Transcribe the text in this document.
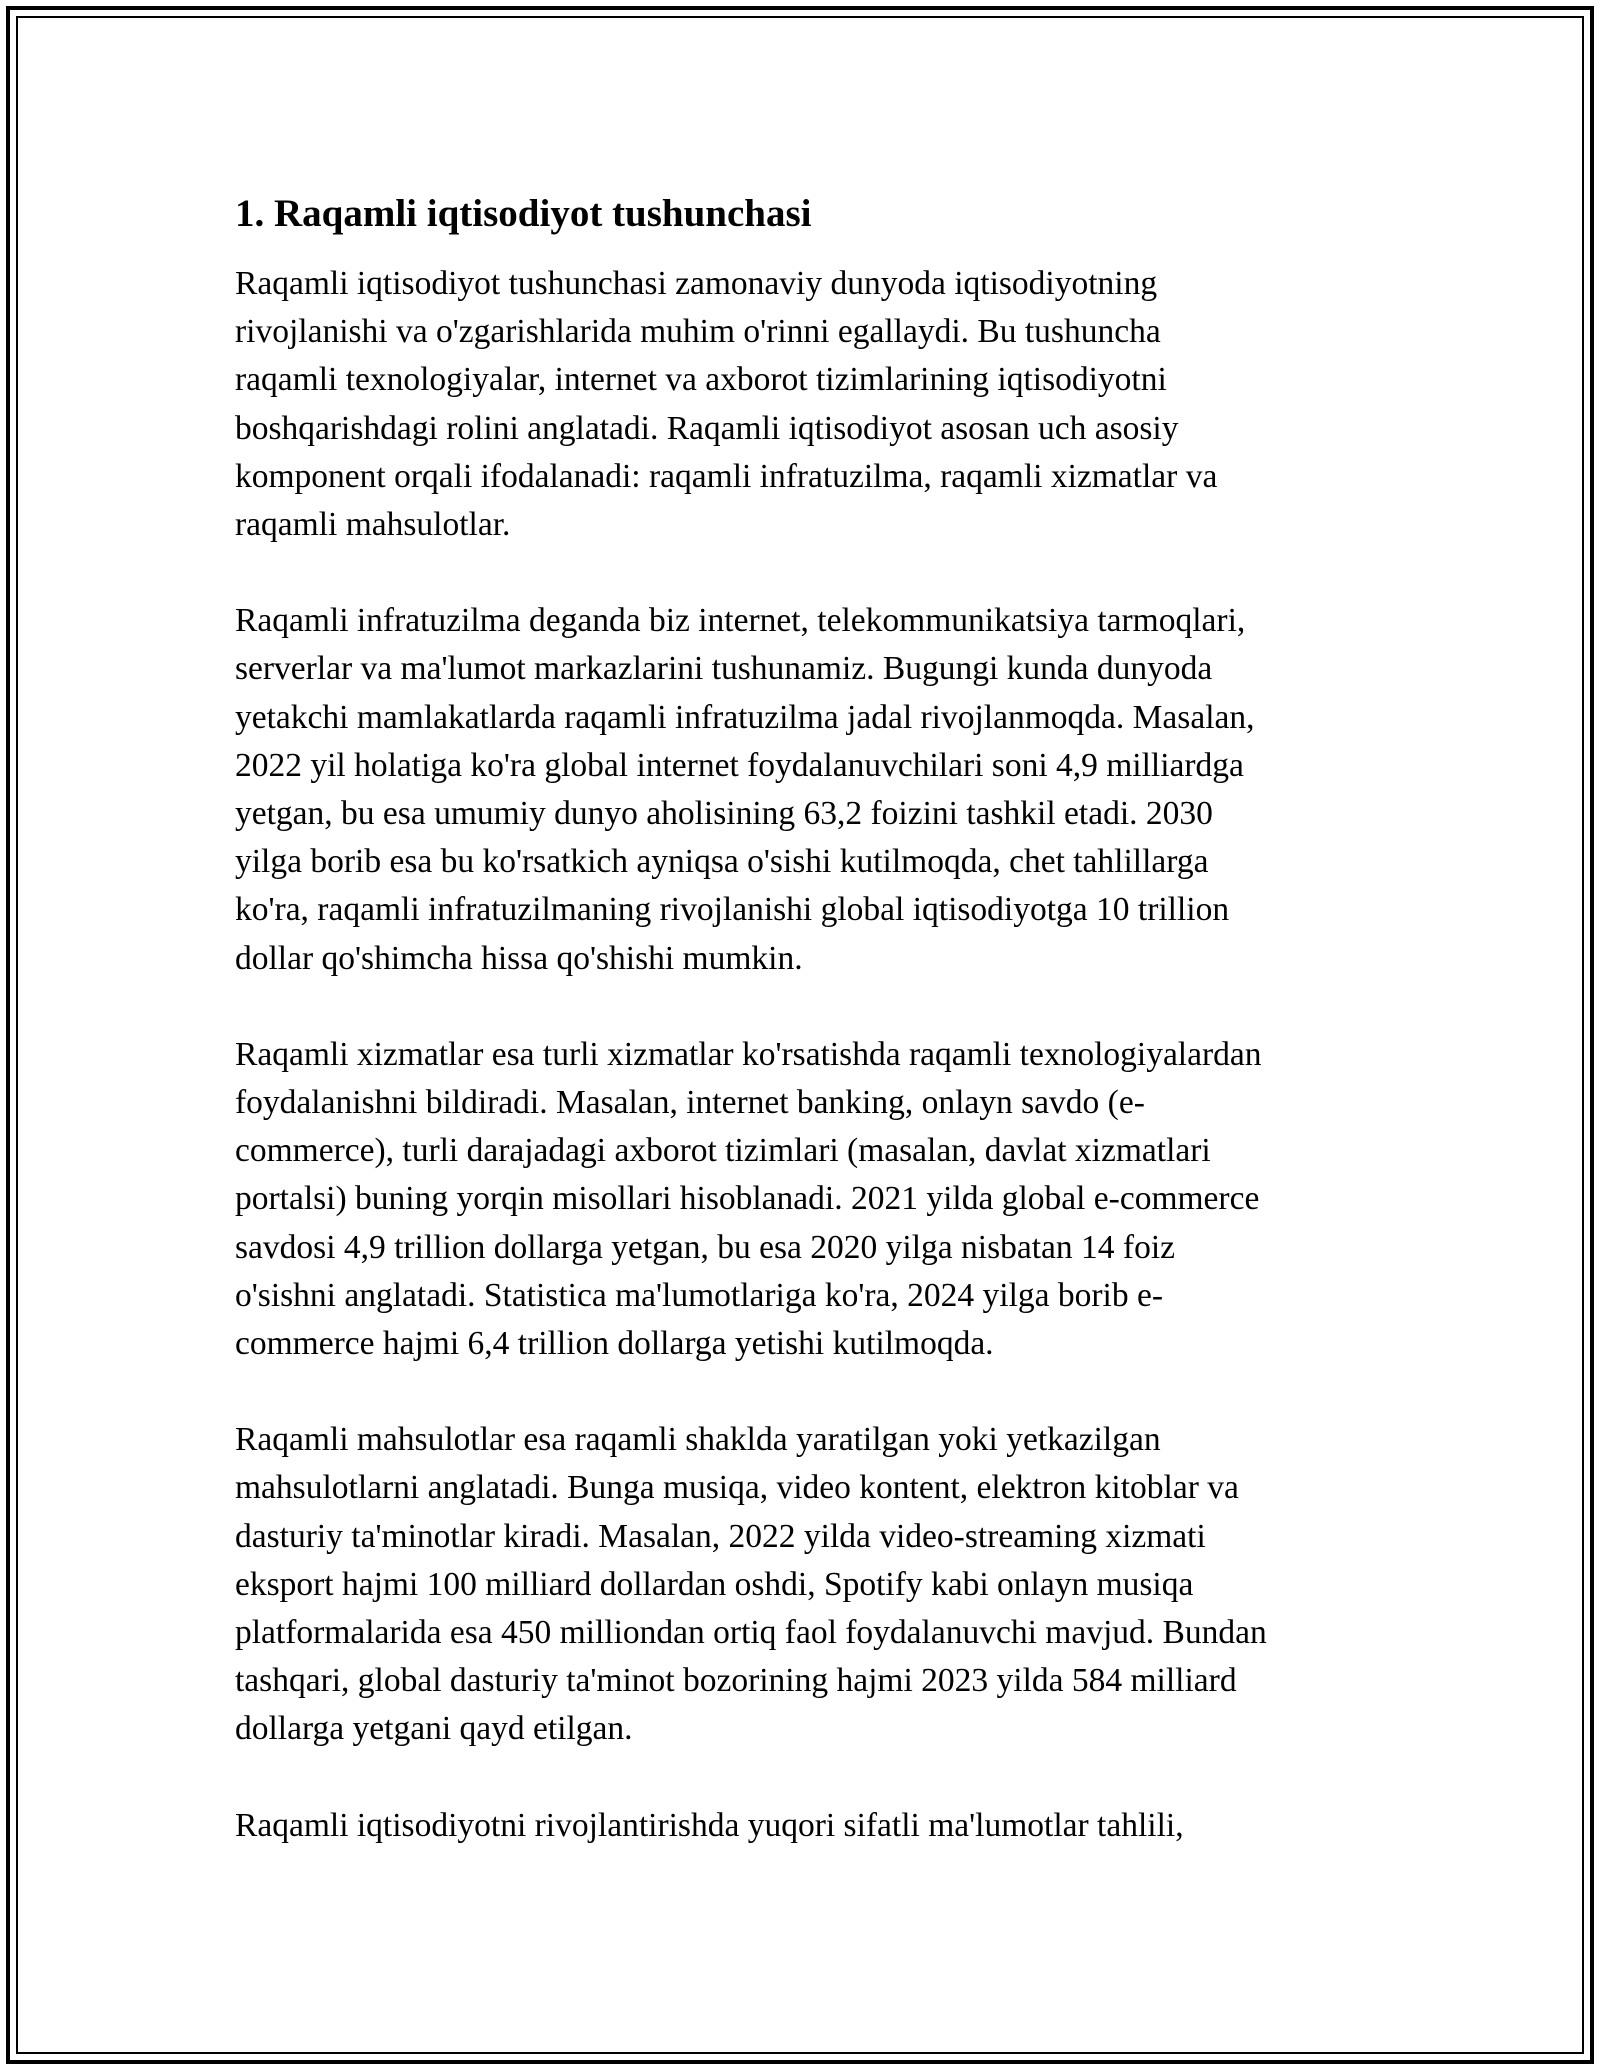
1. Raqamli iqtisodiyot tushunchasi

Raqamli iqtisodiyot tushunchasi zamonaviy dunyoda iqtisodiyotning
rivojlanishi va o'zgarishlarida muhim o'rinni egallaydi. Bu tushuncha
raqamli texnologiyalar, internet va axborot tizimlarining iqtisodiyotni
boshqarishdagi rolini anglatadi. Raqamli iqtisodiyot asosan uch asosiy
komponent orqali ifodalanadi: raqamli infratuzilma, raqamli xizmatlar va
raqamli mahsulotlar.

Raqamli infratuzilma deganda biz internet, telekommunikatsiya tarmoqlari,
serverlar va ma'lumot markazlarini tushunamiz. Bugungi kunda dunyoda
yetakchi mamlakatlarda raqamli infratuzilma jadal rivojlanmoqda. Masalan,
2022 yil holatiga ko'ra global internet foydalanuvchilari soni 4,9 milliardga
yetgan, bu esa umumiy dunyo aholisining 63,2 foizini tashkil etadi. 2030
yilga borib esa bu ko'rsatkich ayniqsa o'sishi kutilmoqda, chet tahlillarga
ko'ra, raqamli infratuzilmaning rivojlanishi global iqtisodiyotga 10 trillion
dollar qo'shimcha hissa qo'shishi mumkin.

Raqamli xizmatlar esa turli xizmatlar ko'rsatishda raqamli texnologiyalardan
foydalanishni bildiradi. Masalan, internet banking, onlayn savdo (e-
commerce), turli darajadagi axborot tizimlari (masalan, davlat xizmatlari
portalsi) buning yorqin misollari hisoblanadi. 2021 yilda global e-commerce
savdosi 4,9 trillion dollarga yetgan, bu esa 2020 yilga nisbatan 14 foiz
o'sishni anglatadi. Statistica ma'lumotlariga ko'ra, 2024 yilga borib e-
commerce hajmi 6,4 trillion dollarga yetishi kutilmoqda.

Raqamli mahsulotlar esa raqamli shaklda yaratilgan yoki yetkazilgan
mahsulotlarni anglatadi. Bunga musiqa, video kontent, elektron kitoblar va
dasturiy ta'minotlar kiradi. Masalan, 2022 yilda video-streaming xizmati
eksport hajmi 100 milliard dollardan oshdi, Spotify kabi onlayn musiqa
platformalarida esa 450 milliondan ortiq faol foydalanuvchi mavjud. Bundan
tashqari, global dasturiy ta'minot bozorining hajmi 2023 yilda 584 milliard
dollarga yetgani qayd etilgan.

Raqamli iqtisodiyotni rivojlantirishda yuqori sifatli ma'lumotlar tahlili,
